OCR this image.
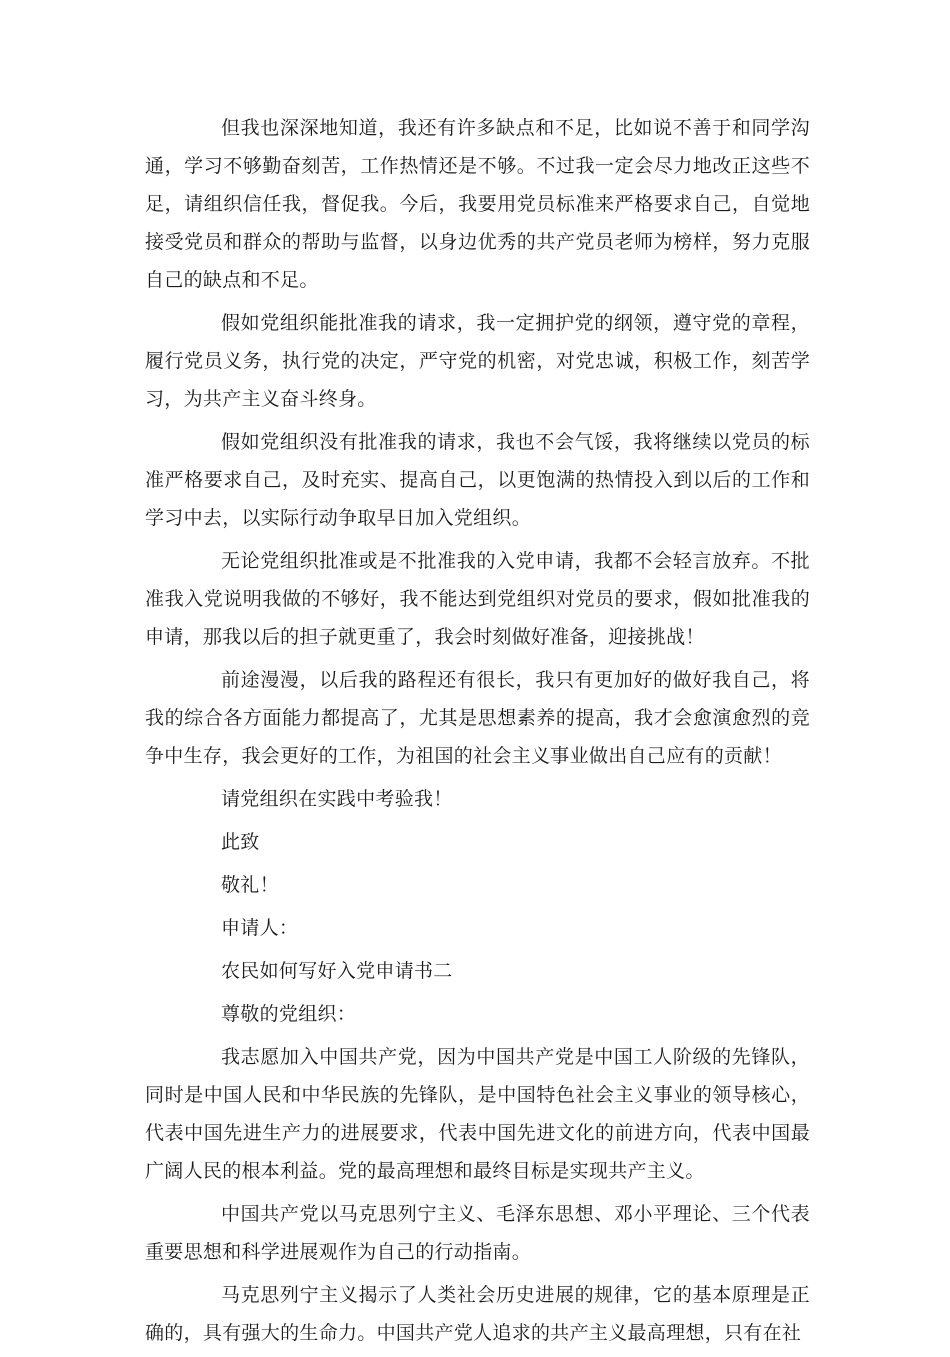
但我也深深地知道，我还有许多缺点和不足，比如说不善于和同学沟通，学习不够勤奋刻苦，工作热情还是不够。不过我一定会尽力地改正这些不足，请组织信任我，督促我。今后，我要用党员标准来严格要求自己，自觉地接受党员和群众的帮助与监督，以身边优秀的共产党员老师为榜样，努力克服自己的缺点和不足。

假如党组织能批准我的请求，我一定拥护党的纲领，遵守党的章程，履行党员义务，执行党的决定，严守党的机密，对党忠诚，积极工作，刻苦学习，为共产主义奋斗终身。

假如党组织没有批准我的请求，我也不会气馁，我将继续以党员的标准严格要求自己，及时充实、提高自己，以更饱满的热情投入到以后的工作和学习中去，以实际行动争取早日加入党组织。

无论党组织批准或是不批准我的入党申请，我都不会轻言放弃。不批准我入党说明我做的不够好，我不能达到党组织对党员的要求，假如批准我的申请，那我以后的担子就更重了，我会时刻做好准备，迎接挑战！

前途漫漫，以后我的路程还有很长，我只有更加好的做好我自己，将我的综合各方面能力都提高了，尤其是思想素养的提高，我才会愈演愈烈的竞争中生存，我会更好的工作，为祖国的社会主义事业做出自己应有的贡献！

请党组织在实践中考验我！

此致

敬礼！

申请人：

农民如何写好入党申请书二

尊敬的党组织：

我志愿加入中国共产党，因为中国共产党是中国工人阶级的先锋队，同时是中国人民和中华民族的先锋队，是中国特色社会主义事业的领导核心，代表中国先进生产力的进展要求，代表中国先进文化的前进方向，代表中国最广阔人民的根本利益。党的最高理想和最终目标是实现共产主义。

中国共产党以马克思列宁主义、毛泽东思想、邓小平理论、三个代表重要思想和科学进展观作为自己的行动指南。

马克思列宁主义揭示了人类社会历史进展的规律，它的基本原理是正确的，具有强大的生命力。中国共产党人追求的共产主义最高理想，只有在社
